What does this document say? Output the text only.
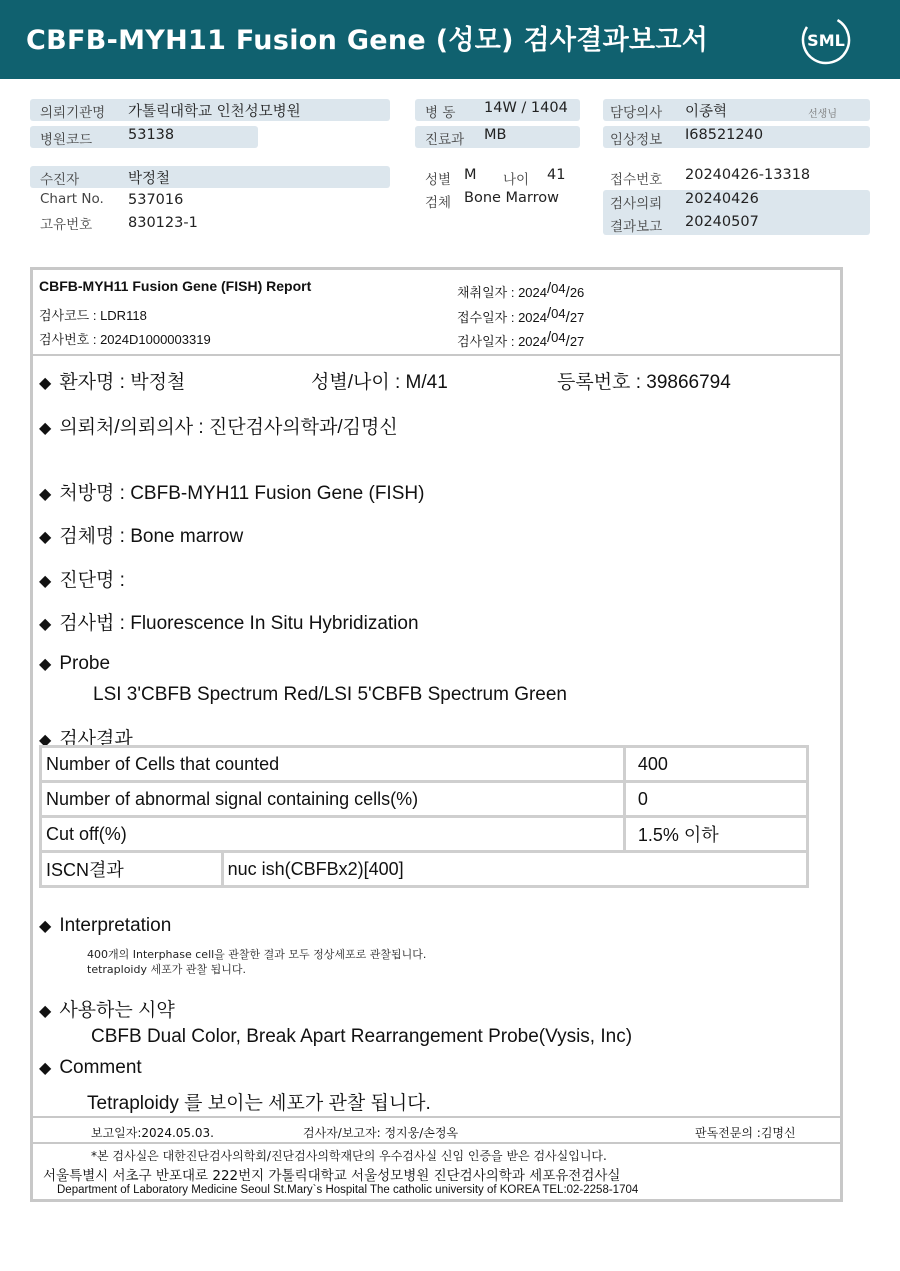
CBFB-MYH11 Fusion Gene (성모) 검사결과보고서	SML
의뢰기관명 가톨릭대학교 인천성모병원
병원코드 53138
병 동 14W / 1404
진료과 MB
담당의사 이종혁	선생님
임상정보 I68521240
수진자	박정철
Chart No. 537016
고유번호 830123-1
성별 M 나이 41
검체 Bone Marrow
접수번호 20240426-13318
검사의뢰 20240426
결과보고 20240507
CBFB-MYH11 Fusion Gene (FISH) Report
검사코드 : LDR118
검사번호 : 2024D1000003319
채취일자 : 2024/04/26
접수일자 : 2024/04/27
검사일자 : 2024/04/27
◆ 환자명 : 박정철	성별/나이 : M/41	등록번호 : 39866794
◆ 의뢰처/의뢰의사 : 진단검사의학과/김명신
◆ 처방명 : CBFB-MYH11 Fusion Gene (FISH)
◆ 검체명 : Bone marrow
◆ 진단명 :
◆ 검사법 : Fluorescence In Situ Hybridization
◆ Probe
LSI 3'CBFB Spectrum Red/LSI 5'CBFB Spectrum Green
◆ 검사결과
Number of Cells that counted		400
Number of abnormal signal containing cells(%)		0
Cut off(%)		1.5% 이하
ISCN결과	nuc ish(CBFBx2)[400]	
◆ Interpretation
400개의 Interphase cell을 관찰한 결과 모두 정상세포로 관찰됩니다.
tetraploidy 세포가 관찰 됩니다.
◆ 사용하는 시약
CBFB Dual Color, Break Apart Rearrangement Probe(Vysis, Inc)
◆ Comment
Tetraploidy 를 보이는 세포가 관찰 됩니다.
보고일자:2024.05.03.	검사자/보고자: 정지웅/손정옥	판독전문의 :김명신
*본 검사실은 대한진단검사의학회/진단검사의학재단의 우수검사실 신임 인증을 받은 검사실입니다.
서울특별시 서초구 반포대로 222번지 가톨릭대학교 서울성모병원 진단검사의학과 세포유전검사실
Department of Laboratory Medicine Seoul St.Mary`s Hospital The catholic university of KOREA TEL:02-2258-1704
